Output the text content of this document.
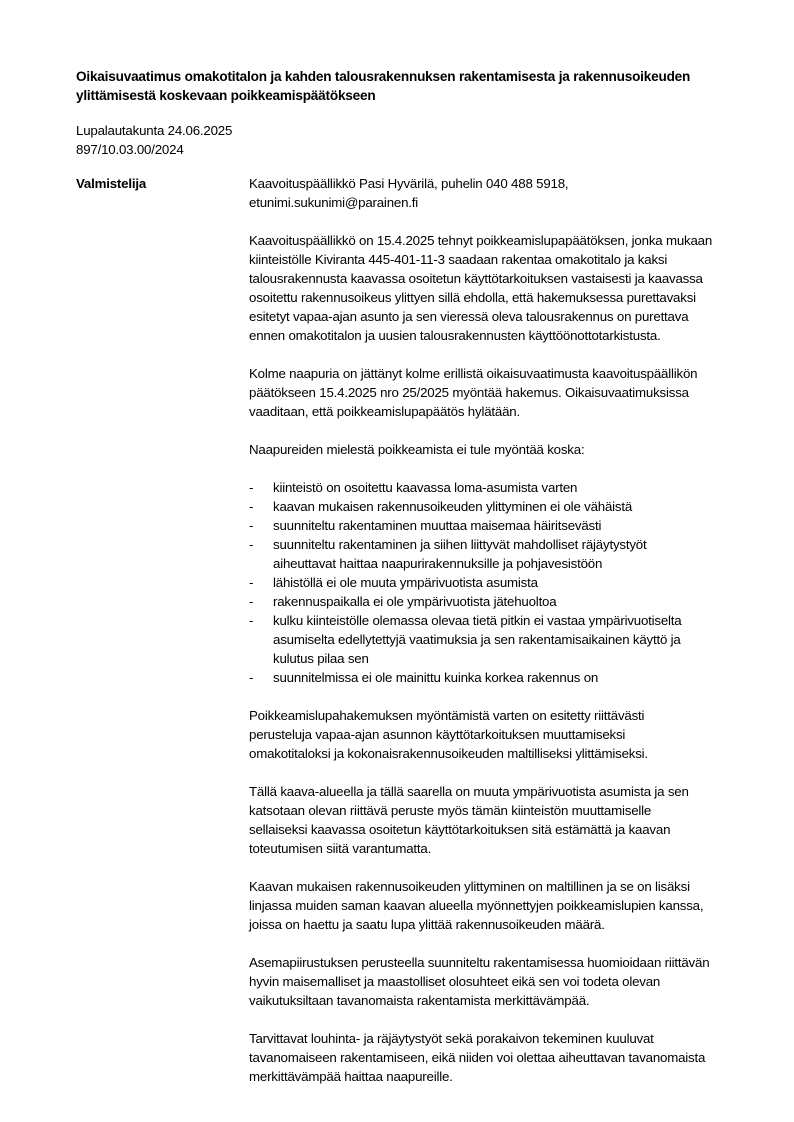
Oikaisuvaatimus omakotitalon ja kahden talousrakennuksen rakentamisesta ja rakennusoikeuden
ylittämisestä koskevaan poikkeamispäätökseen
Lupalautakunta 24.06.2025
897/10.03.00/2024
Valmistelija	Kaavoituspäällikkö Pasi Hyvärilä, puhelin 040 488 5918,
etunimi.sukunimi@parainen.fi
Kaavoituspäällikkö on 15.4.2025 tehnyt poikkeamislupapäätöksen, jonka mukaan
kiinteistölle Kiviranta 445-401-11-3 saadaan rakentaa omakotitalo ja kaksi
talousrakennusta kaavassa osoitetun käyttötarkoituksen vastaisesti ja kaavassa
osoitettu rakennusoikeus ylittyen sillä ehdolla, että hakemuksessa purettavaksi
esitetyt vapaa-ajan asunto ja sen vieressä oleva talousrakennus on purettava
ennen omakotitalon ja uusien talousrakennusten käyttöönottotarkistusta.
Kolme naapuria on jättänyt kolme erillistä oikaisuvaatimusta kaavoituspäällikön
päätökseen 15.4.2025 nro 25/2025 myöntää hakemus. Oikaisuvaatimuksissa
vaaditaan, että poikkeamislupapäätös hylätään.
Naapureiden mielestä poikkeamista ei tule myöntää koska:
- kiinteistö on osoitettu kaavassa loma-asumista varten
- kaavan mukaisen rakennusoikeuden ylittyminen ei ole vähäistä
- suunniteltu rakentaminen muuttaa maisemaa häiritsevästi
- suunniteltu rakentaminen ja siihen liittyvät mahdolliset räjäytystyöt
aiheuttavat haittaa naapurirakennuksille ja pohjavesistöön
- lähistöllä ei ole muuta ympärivuotista asumista
- rakennuspaikalla ei ole ympärivuotista jätehuoltoa
- kulku kiinteistölle olemassa olevaa tietä pitkin ei vastaa ympärivuotiselta
asumiselta edellytettyjä vaatimuksia ja sen rakentamisaikainen käyttö ja
kulutus pilaa sen
- suunnitelmissa ei ole mainittu kuinka korkea rakennus on
Poikkeamislupahakemuksen myöntämistä varten on esitetty riittävästi
perusteluja vapaa-ajan asunnon käyttötarkoituksen muuttamiseksi
omakotitaloksi ja kokonaisrakennusoikeuden maltilliseksi ylittämiseksi.
Tällä kaava-alueella ja tällä saarella on muuta ympärivuotista asumista ja sen
katsotaan olevan riittävä peruste myös tämän kiinteistön muuttamiselle
sellaiseksi kaavassa osoitetun käyttötarkoituksen sitä estämättä ja kaavan
toteutumisen siitä varantumatta.
Kaavan mukaisen rakennusoikeuden ylittyminen on maltillinen ja se on lisäksi
linjassa muiden saman kaavan alueella myönnettyjen poikkeamislupien kanssa,
joissa on haettu ja saatu lupa ylittää rakennusoikeuden määrä.
Asemapiirustuksen perusteella suunniteltu rakentamisessa huomioidaan riittävän
hyvin maisemalliset ja maastolliset olosuhteet eikä sen voi todeta olevan
vaikutuksiltaan tavanomaista rakentamista merkittävämpää.
Tarvittavat louhinta- ja räjäytystyöt sekä porakaivon tekeminen kuuluvat
tavanomaiseen rakentamiseen, eikä niiden voi olettaa aiheuttavan tavanomaista
merkittävämpää haittaa naapureille.
